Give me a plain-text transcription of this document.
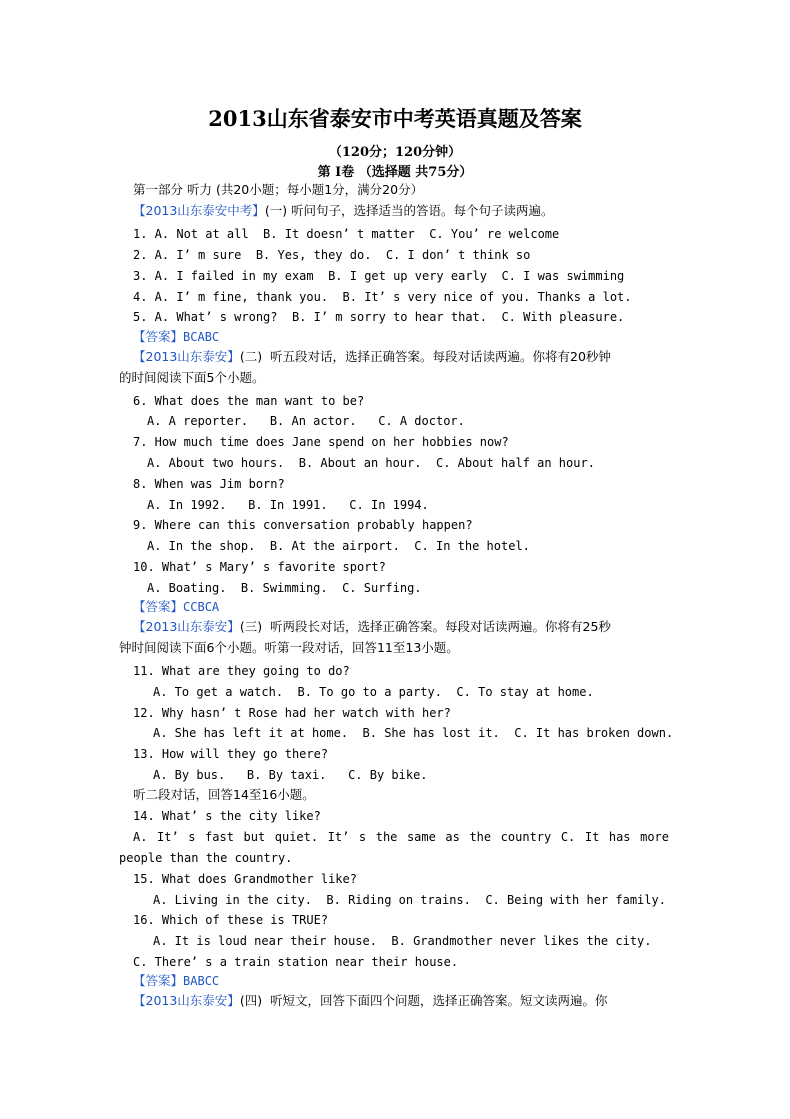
2013山东省泰安市中考英语真题及答案
（120分；120分钟）
第 I卷 （选择题 共75分）
第一部分 听力 (共20小题；每小题1分，满分20分）
【2013山东泰安中考】(一) 听问句子，选择适当的答语。每个句子读两遍。
1. A. Not at all  B. It doesn’ t matter  C. You’ re welcome
2. A. I’ m sure  B. Yes, they do.  C. I don’ t think so
3. A. I failed in my exam  B. I get up very early  C. I was swimming
4. A. I’ m fine, thank you.  B. It’ s very nice of you. Thanks a lot.
5. A. What’ s wrong?  B. I’ m sorry to hear that.  C. With pleasure.
【答案】BCABC
【2013山东泰安】(二)  听五段对话，选择正确答案。每段对话读两遍。你将有20秒钟
的时间阅读下面5个小题。
6. What does the man want to be?
A. A reporter.   B. An actor.   C. A doctor.
7. How much time does Jane spend on her hobbies now?
A. About two hours.  B. About an hour.  C. About half an hour.
8. When was Jim born?
A. In 1992.   B. In 1991.   C. In 1994.
9. Where can this conversation probably happen?
A. In the shop.  B. At the airport.  C. In the hotel.
10. What’ s Mary’ s favorite sport?
A. Boating.  B. Swimming.  C. Surfing.
【答案】CCBCA
【2013山东泰安】(三)  听两段长对话，选择正确答案。每段对话读两遍。你将有25秒
钟时间阅读下面6个小题。听第一段对话，回答11至13小题。
11. What are they going to do?
A. To get a watch.  B. To go to a party.  C. To stay at home.
12. Why hasn’ t Rose had her watch with her?
A. She has left it at home.  B. She has lost it.  C. It has broken down.
13. How will they go there?
A. By bus.   B. By taxi.   C. By bike.
听二段对话，回答14至16小题。
14. What’ s the city like?
A. It’ s fast but quiet. It’ s the same as the country C. It has more
people than the country.
15. What does Grandmother like?
A. Living in the city.  B. Riding on trains.  C. Being with her family.
16. Which of these is TRUE?
A. It is loud near their house.  B. Grandmother never likes the city.
C. There’ s a train station near their house.
【答案】BABCC
【2013山东泰安】(四)  听短文，回答下面四个问题，选择正确答案。短文读两遍。你
